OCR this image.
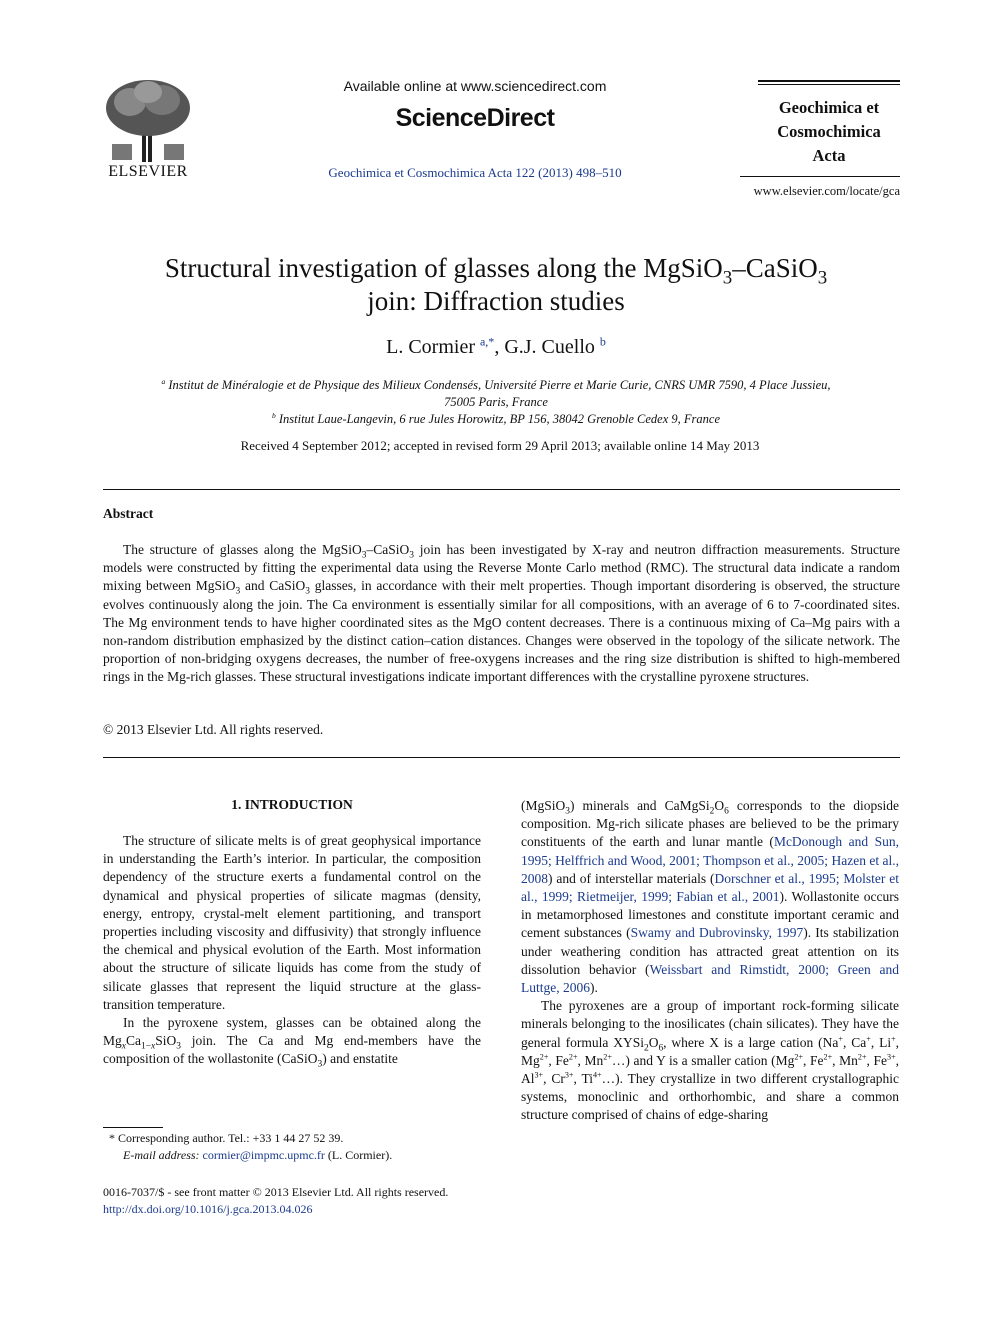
ELSEVIER
Available online at www.sciencedirect.com
ScienceDirect
Geochimica et Cosmochimica Acta 122 (2013) 498–510
Geochimica et
Cosmochimica
Acta
www.elsevier.com/locate/gca
Structural investigation of glasses along the MgSiO$_3$–CaSiO$_3$
join: Diffraction studies
L. Cormier $^{a,*}$, G.J. Cuello $^b$
$^a$ Institut de Minéralogie et de Physique des Milieux Condensés, Université Pierre et Marie Curie, CNRS UMR 7590, 4 Place Jussieu,
75005 Paris, France
$^b$ Institut Laue-Langevin, 6 rue Jules Horowitz, BP 156, 38042 Grenoble Cedex 9, France
Received 4 September 2012; accepted in revised form 29 April 2013; available online 14 May 2013
Abstract

The structure of glasses along the MgSiO$_3$–CaSiO$_3$ join has been investigated by X-ray and neutron diffraction measurements. Structure models were constructed by fitting the experimental data using the Reverse Monte Carlo method (RMC). The structural data indicate a random mixing between MgSiO$_3$ and CaSiO$_3$ glasses, in accordance with their melt properties. Though important disordering is observed, the structure evolves continuously along the join. The Ca environment is essentially similar for all compositions, with an average of 6 to 7-coordinated sites. The Mg environment tends to have higher coordinated sites as the MgO content decreases. There is a continuous mixing of Ca–Mg pairs with a non-random distribution emphasized by the distinct cation–cation distances. Changes were observed in the topology of the silicate network. The proportion of non-bridging oxygens decreases, the number of free-oxygens increases and the ring size distribution is shifted to high-membered rings in the Mg-rich glasses. These structural investigations indicate important differences with the crystalline pyroxene structures.

© 2013 Elsevier Ltd. All rights reserved.
1. INTRODUCTION

The structure of silicate melts is of great geophysical importance in understanding the Earth’s interior. In particular, the composition dependency of the structure exerts a fundamental control on the dynamical and physical properties of silicate magmas (density, energy, entropy, crystal-melt element partitioning, and transport properties including viscosity and diffusivity) that strongly influence the chemical and physical evolution of the Earth. Most information about the structure of silicate liquids has come from the study of silicate glasses that represent the liquid structure at the glass-transition temperature.

In the pyroxene system, glasses can be obtained along the $Mg_xCa_{1-x}SiO_3$ join. The Ca and Mg end-members have the composition of the wollastonite (CaSiO$_3$) and enstatite

(MgSiO$_3$) minerals and $CaMgSi_2O_6$ corresponds to the diopside composition. Mg-rich silicate phases are believed to be the primary constituents of the earth and lunar mantle (McDonough and Sun, 1995; Helffrich and Wood, 2001; Thompson et al., 2005; Hazen et al., 2008) and of interstellar materials (Dorschner et al., 1995; Molster et al., 1999; Rietmeijer, 1999; Fabian et al., 2001). Wollastonite occurs in metamorphosed limestones and constitute important ceramic and cement substances (Swamy and Dubrovinsky, 1997). Its stabilization under weathering condition has attracted great attention on its dissolution behavior (Weissbart and Rimstidt, 2000; Green and Luttge, 2006).

The pyroxenes are a group of important rock-forming silicate minerals belonging to the inosilicates (chain silicates). They have the general formula $XYSi_2O_6$, where X is a large cation (Na+, Ca+, Li+, $Mg^{2+}$, $Fe^{2+}$, $Mn^{2+}\dots$) and Y is a smaller cation ($Mg^{2+}$, $Fe^{2+}$, $Mn^{2+}$, $Fe^{3+}$, $Al^{3+}$, $Cr^{3+}$, $Ti^{4+}\dots$). They crystallize in two different crystallographic systems, monoclinic and orthorhombic, and share a common structure comprised of chains of edge-sharing

* Corresponding author. Tel.: +33 1 44 27 52 39.
E-mail address: cormier@impmc.upmc.fr (L. Cormier).
0016-7037/$ - see front matter © 2013 Elsevier Ltd. All rights reserved.
http://dx.doi.org/10.1016/j.gca.2013.04.026
